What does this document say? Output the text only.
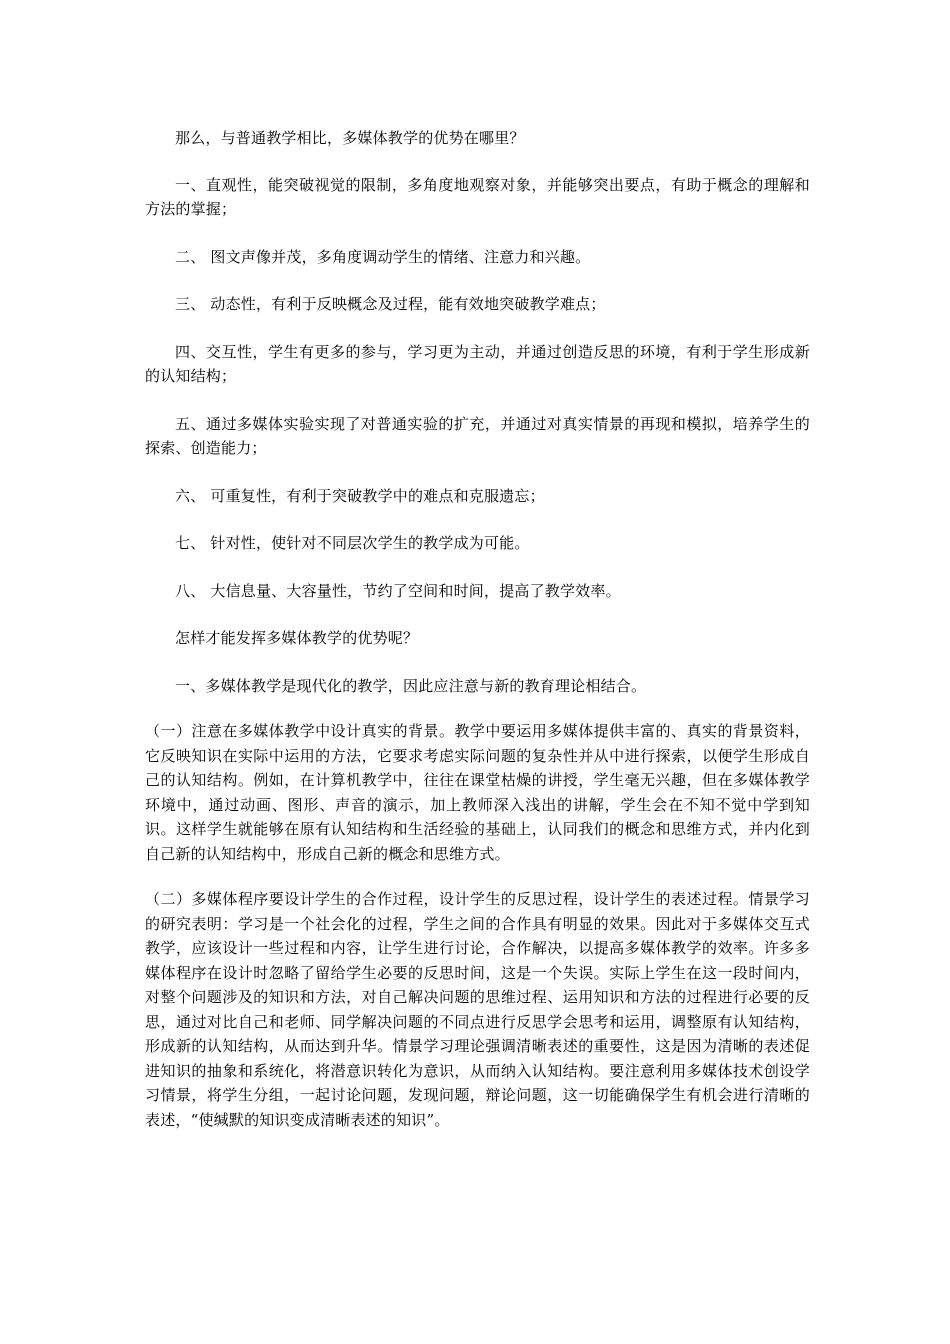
那么，与普通教学相比，多媒体教学的优势在哪里？

一、直观性，能突破视觉的限制，多角度地观察对象，并能够突出要点，有助于概念的理解和方法的掌握；

二、 图文声像并茂，多角度调动学生的情绪、注意力和兴趣。

三、 动态性，有利于反映概念及过程，能有效地突破教学难点；

四、交互性，学生有更多的参与，学习更为主动，并通过创造反思的环境，有利于学生形成新的认知结构；

五、通过多媒体实验实现了对普通实验的扩充，并通过对真实情景的再现和模拟，培养学生的探索、创造能力；

六、 可重复性，有利于突破教学中的难点和克服遗忘；

七、 针对性，使针对不同层次学生的教学成为可能。

八、 大信息量、大容量性，节约了空间和时间，提高了教学效率。

怎样才能发挥多媒体教学的优势呢？

一、多媒体教学是现代化的教学，因此应注意与新的教育理论相结合。

（一）注意在多媒体教学中设计真实的背景。教学中要运用多媒体提供丰富的、真实的背景资料，它反映知识在实际中运用的方法，它要求考虑实际问题的复杂性并从中进行探索，以便学生形成自己的认知结构。例如，在计算机教学中，往往在课堂枯燥的讲授，学生毫无兴趣，但在多媒体教学环境中，通过动画、图形、声音的演示，加上教师深入浅出的讲解，学生会在不知不觉中学到知识。这样学生就能够在原有认知结构和生活经验的基础上，认同我们的概念和思维方式，并内化到自己新的认知结构中，形成自己新的概念和思维方式。

（二）多媒体程序要设计学生的合作过程，设计学生的反思过程，设计学生的表述过程。情景学习的研究表明：学习是一个社会化的过程，学生之间的合作具有明显的效果。因此对于多媒体交互式教学，应该设计一些过程和内容，让学生进行讨论，合作解决，以提高多媒体教学的效率。许多多媒体程序在设计时忽略了留给学生必要的反思时间，这是一个失误。实际上学生在这一段时间内，对整个问题涉及的知识和方法，对自己解决问题的思维过程、运用知识和方法的过程进行必要的反思，通过对比自己和老师、同学解决问题的不同点进行反思学会思考和运用，调整原有认知结构，形成新的认知结构，从而达到升华。情景学习理论强调清晰表述的重要性，这是因为清晰的表述促进知识的抽象和系统化，将潜意识转化为意识，从而纳入认知结构。要注意利用多媒体技术创设学习情景，将学生分组，一起讨论问题，发现问题，辩论问题，这一切能确保学生有机会进行清晰的表述，“使缄默的知识变成清晰表述的知识”。
